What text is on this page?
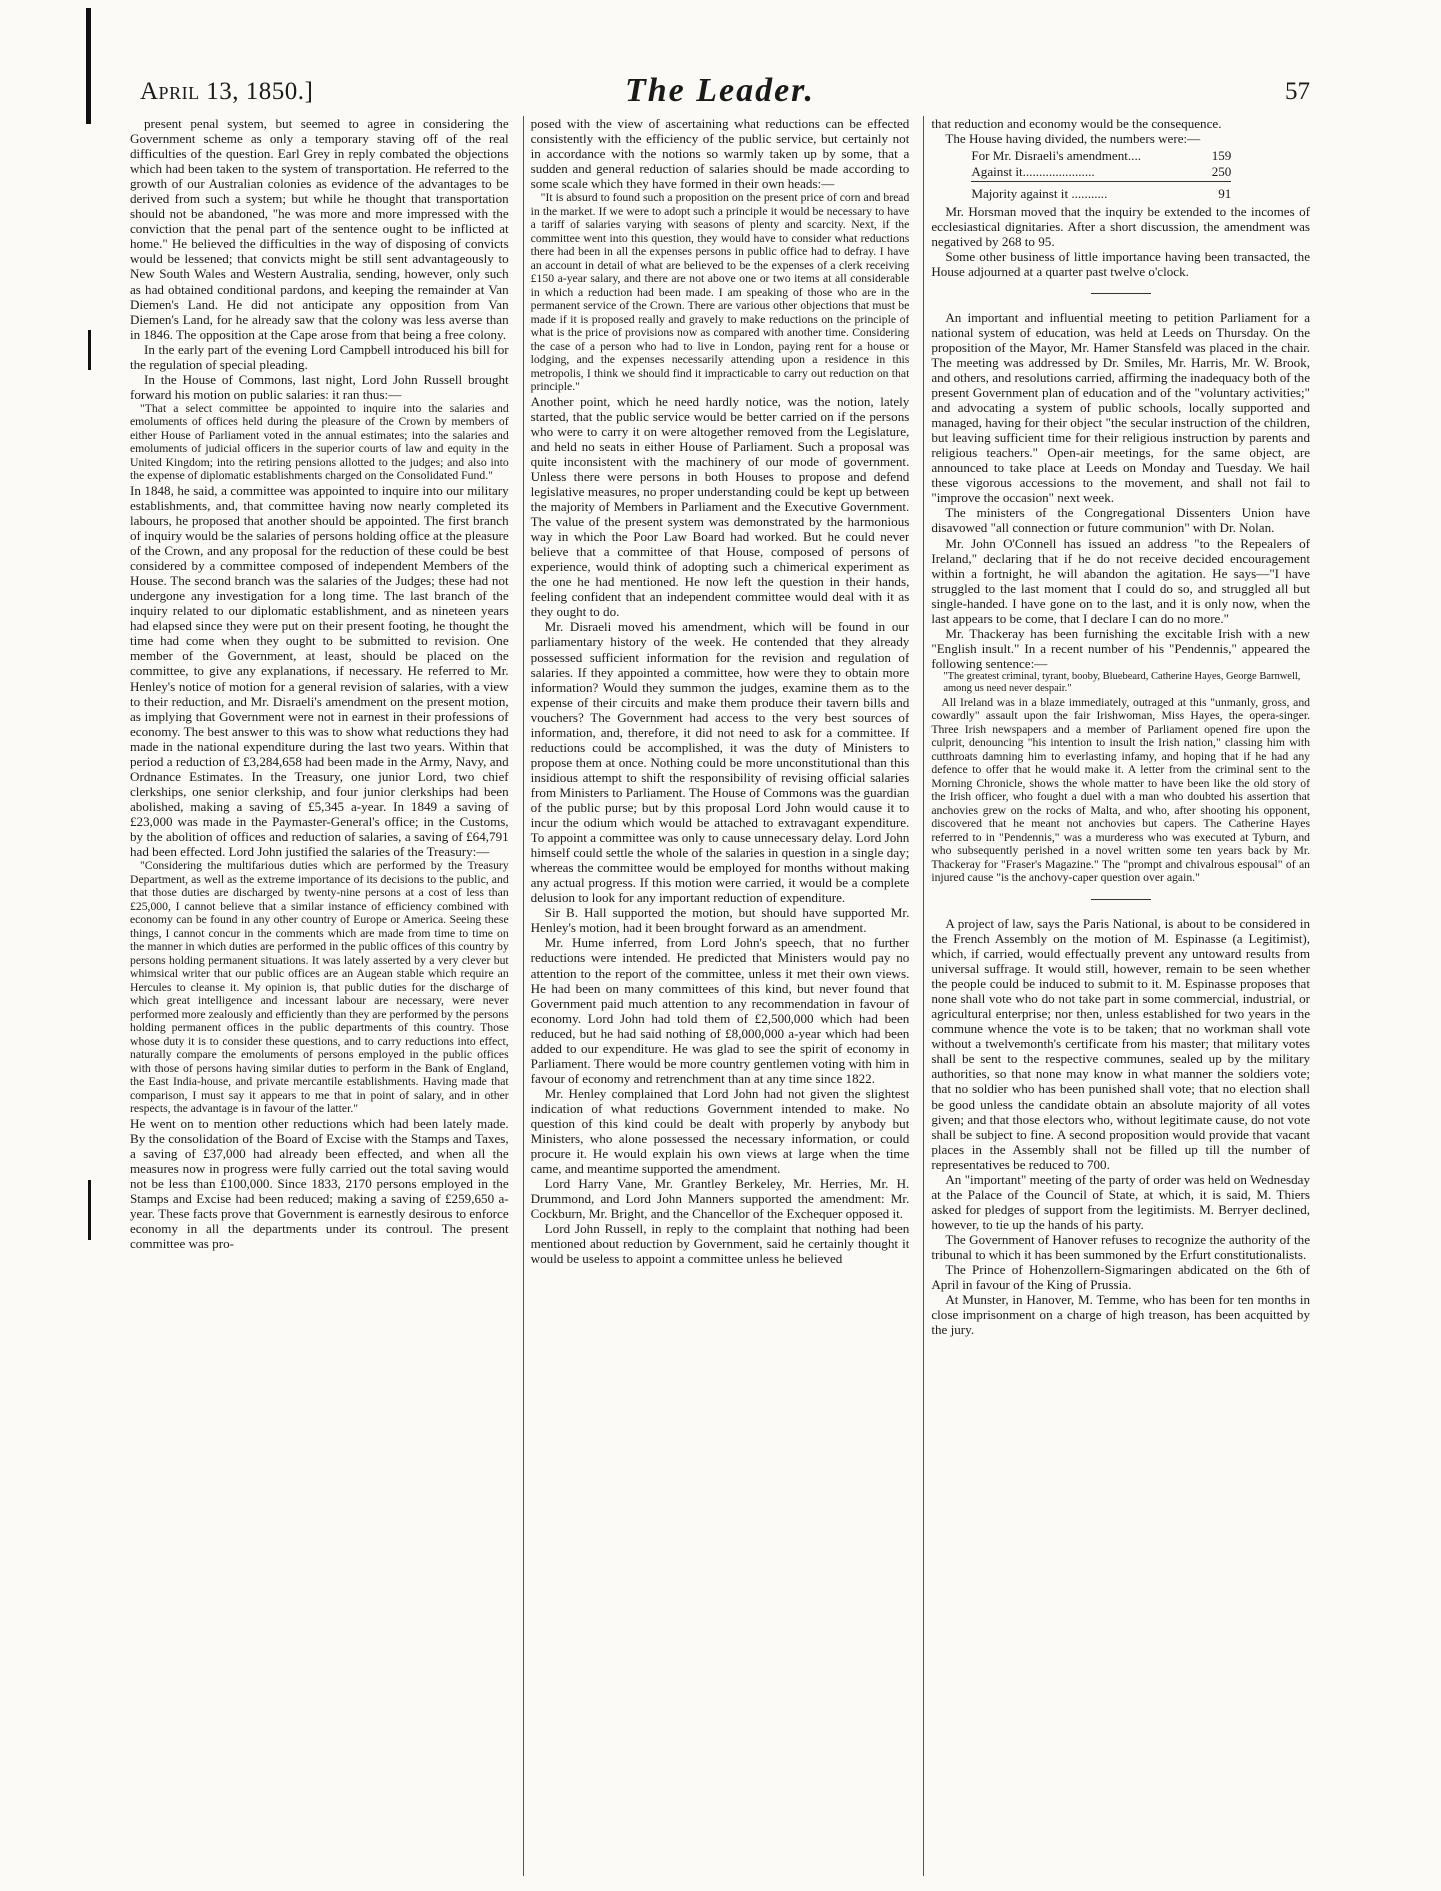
April 13, 1850.]	The Leader.	57

present penal system, but seemed to agree in considering the Government scheme as only a temporary staving off of the real difficulties of the question. Earl Grey in reply combated the objections which had been taken to the system of transportation. He referred to the growth of our Australian colonies as evidence of the advantages to be derived from such a system; but while he thought that transportation should not be abandoned, "he was more and more impressed with the conviction that the penal part of the sentence ought to be inflicted at home." He believed the difficulties in the way of disposing of convicts would be lessened; that convicts might be still sent advantageously to New South Wales and Western Australia, sending, however, only such as had obtained conditional pardons, and keeping the remainder at Van Diemen's Land. He did not anticipate any opposition from Van Diemen's Land, for he already saw that the colony was less averse than in 1846. The opposition at the Cape arose from that being a free colony.

In the early part of the evening Lord Campbell introduced his bill for the regulation of special pleading.

In the House of Commons, last night, Lord John Russell brought forward his motion on public salaries: it ran thus:—

"That a select committee be appointed to inquire into the salaries and emoluments of offices held during the pleasure of the Crown by members of either House of Parliament voted in the annual estimates; into the salaries and emoluments of judicial officers in the superior courts of law and equity in the United Kingdom; into the retiring pensions allotted to the judges; and also into the expense of diplomatic establishments charged on the Consolidated Fund."

In 1848, he said, a committee was appointed to inquire into our military establishments, and, that committee having now nearly completed its labours, he proposed that another should be appointed. The first branch of inquiry would be the salaries of persons holding office at the pleasure of the Crown, and any proposal for the reduction of these could be best considered by a committee composed of independent Members of the House. The second branch was the salaries of the Judges; these had not undergone any investigation for a long time. The last branch of the inquiry related to our diplomatic establishment, and as nineteen years had elapsed since they were put on their present footing, he thought the time had come when they ought to be submitted to revision. One member of the Government, at least, should be placed on the committee, to give any explanations, if necessary. He referred to Mr. Henley's notice of motion for a general revision of salaries, with a view to their reduction, and Mr. Disraeli's amendment on the present motion, as implying that Government were not in earnest in their professions of economy. The best answer to this was to show what reductions they had made in the national expenditure during the last two years. Within that period a reduction of £3,284,658 had been made in the Army, Navy, and Ordnance Estimates. In the Treasury, one junior Lord, two chief clerkships, one senior clerkship, and four junior clerkships had been abolished, making a saving of £5,345 a-year. In 1849 a saving of £23,000 was made in the Paymaster-General's office; in the Customs, by the abolition of offices and reduction of salaries, a saving of £64,791 had been effected. Lord John justified the salaries of the Treasury:—

"Considering the multifarious duties which are performed by the Treasury Department, as well as the extreme importance of its decisions to the public, and that those duties are discharged by twenty-nine persons at a cost of less than £25,000, I cannot believe that a similar instance of efficiency combined with economy can be found in any other country of Europe or America. Seeing these things, I cannot concur in the comments which are made from time to time on the manner in which duties are performed in the public offices of this country by persons holding permanent situations. It was lately asserted by a very clever but whimsical writer that our public offices are an Augean stable which require an Hercules to cleanse it. My opinion is, that public duties for the discharge of which great intelligence and incessant labour are necessary, were never performed more zealously and efficiently than they are performed by the persons holding permanent offices in the public departments of this country. Those whose duty it is to consider these questions, and to carry reductions into effect, naturally compare the emoluments of persons employed in the public offices with those of persons having similar duties to perform in the Bank of England, the East India-house, and private mercantile establishments. Having made that comparison, I must say it appears to me that in point of salary, and in other respects, the advantage is in favour of the latter."

He went on to mention other reductions which had been lately made. By the consolidation of the Board of Excise with the Stamps and Taxes, a saving of £37,000 had already been effected, and when all the measures now in progress were fully carried out the total saving would not be less than £100,000. Since 1833, 2170 persons employed in the Stamps and Excise had been reduced; making a saving of £259,650 a-year. These facts prove that Government is earnestly desirous to enforce economy in all the departments under its controul. The present committee was pro-

posed with the view of ascertaining what reductions can be effected consistently with the efficiency of the public service, but certainly not in accordance with the notions so warmly taken up by some, that a sudden and general reduction of salaries should be made according to some scale which they have formed in their own heads:—

"It is absurd to found such a proposition on the present price of corn and bread in the market. If we were to adopt such a principle it would be necessary to have a tariff of salaries varying with seasons of plenty and scarcity. Next, if the committee went into this question, they would have to consider what reductions there had been in all the expenses persons in public office had to defray. I have an account in detail of what are believed to be the expenses of a clerk receiving £150 a-year salary, and there are not above one or two items at all considerable in which a reduction had been made. I am speaking of those who are in the permanent service of the Crown. There are various other objections that must be made if it is proposed really and gravely to make reductions on the principle of what is the price of provisions now as compared with another time. Considering the case of a person who had to live in London, paying rent for a house or lodging, and the expenses necessarily attending upon a residence in this metropolis, I think we should find it impracticable to carry out reduction on that principle."

Another point, which he need hardly notice, was the notion, lately started, that the public service would be better carried on if the persons who were to carry it on were altogether removed from the Legislature, and held no seats in either House of Parliament. Such a proposal was quite inconsistent with the machinery of our mode of government. Unless there were persons in both Houses to propose and defend legislative measures, no proper understanding could be kept up between the majority of Members in Parliament and the Executive Government. The value of the present system was demonstrated by the harmonious way in which the Poor Law Board had worked. But he could never believe that a committee of that House, composed of persons of experience, would think of adopting such a chimerical experiment as the one he had mentioned. He now left the question in their hands, feeling confident that an independent committee would deal with it as they ought to do.

Mr. Disraeli moved his amendment, which will be found in our parliamentary history of the week. He contended that they already possessed sufficient information for the revision and regulation of salaries. If they appointed a committee, how were they to obtain more information? Would they summon the judges, examine them as to the expense of their circuits and make them produce their tavern bills and vouchers? The Government had access to the very best sources of information, and, therefore, it did not need to ask for a committee. If reductions could be accomplished, it was the duty of Ministers to propose them at once. Nothing could be more unconstitutional than this insidious attempt to shift the responsibility of revising official salaries from Ministers to Parliament. The House of Commons was the guardian of the public purse; but by this proposal Lord John would cause it to incur the odium which would be attached to extravagant expenditure. To appoint a committee was only to cause unnecessary delay. Lord John himself could settle the whole of the salaries in question in a single day; whereas the committee would be employed for months without making any actual progress. If this motion were carried, it would be a complete delusion to look for any important reduction of expenditure.

Sir B. Hall supported the motion, but should have supported Mr. Henley's motion, had it been brought forward as an amendment.

Mr. Hume inferred, from Lord John's speech, that no further reductions were intended. He predicted that Ministers would pay no attention to the report of the committee, unless it met their own views. He had been on many committees of this kind, but never found that Government paid much attention to any recommendation in favour of economy. Lord John had told them of £2,500,000 which had been reduced, but he had said nothing of £8,000,000 a-year which had been added to our expenditure. He was glad to see the spirit of economy in Parliament. There would be more country gentlemen voting with him in favour of economy and retrenchment than at any time since 1822.

Mr. Henley complained that Lord John had not given the slightest indication of what reductions Government intended to make. No question of this kind could be dealt with properly by anybody but Ministers, who alone possessed the necessary information, or could procure it. He would explain his own views at large when the time came, and meantime supported the amendment.

Lord Harry Vane, Mr. Grantley Berkeley, Mr. Herries, Mr. H. Drummond, and Lord John Manners supported the amendment: Mr. Cockburn, Mr. Bright, and the Chancellor of the Exchequer opposed it.

Lord John Russell, in reply to the complaint that nothing had been mentioned about reduction by Government, said he certainly thought it would be useless to appoint a committee unless he believed

that reduction and economy would be the consequence.

The House having divided, the numbers were:—

For Mr. Disraeli's amendment....	159
Against it......................	250
Majority against it ...........	91

Mr. Horsman moved that the inquiry be extended to the incomes of ecclesiastical dignitaries. After a short discussion, the amendment was negatived by 268 to 95.

Some other business of little importance having been transacted, the House adjourned at a quarter past twelve o'clock.

An important and influential meeting to petition Parliament for a national system of education, was held at Leeds on Thursday. On the proposition of the Mayor, Mr. Hamer Stansfeld was placed in the chair. The meeting was addressed by Dr. Smiles, Mr. Harris, Mr. W. Brook, and others, and resolutions carried, affirming the inadequacy both of the present Government plan of education and of the "voluntary activities;" and advocating a system of public schools, locally supported and managed, having for their object "the secular instruction of the children, but leaving sufficient time for their religious instruction by parents and religious teachers." Open-air meetings, for the same object, are announced to take place at Leeds on Monday and Tuesday. We hail these vigorous accessions to the movement, and shall not fail to "improve the occasion" next week.

The ministers of the Congregational Dissenters Union have disavowed "all connection or future communion" with Dr. Nolan.

Mr. John O'Connell has issued an address "to the Repealers of Ireland," declaring that if he do not receive decided encouragement within a fortnight, he will abandon the agitation. He says—"I have struggled to the last moment that I could do so, and struggled all but single-handed. I have gone on to the last, and it is only now, when the last appears to be come, that I declare I can do no more."

Mr. Thackeray has been furnishing the excitable Irish with a new "English insult." In a recent number of his "Pendennis," appeared the following sentence:—

"The greatest criminal, tyrant, booby, Bluebeard, Catherine Hayes, George Barnwell, among us need never despair."

All Ireland was in a blaze immediately, outraged at this "unmanly, gross, and cowardly" assault upon the fair Irishwoman, Miss Hayes, the opera-singer. Three Irish newspapers and a member of Parliament opened fire upon the culprit, denouncing "his intention to insult the Irish nation," classing him with cutthroats damning him to everlasting infamy, and hoping that if he had any defence to offer that he would make it. A letter from the criminal sent to the Morning Chronicle, shows the whole matter to have been like the old story of the Irish officer, who fought a duel with a man who doubted his assertion that anchovies grew on the rocks of Malta, and who, after shooting his opponent, discovered that he meant not anchovies but capers. The Catherine Hayes referred to in "Pendennis," was a murderess who was executed at Tyburn, and who subsequently perished in a novel written some ten years back by Mr. Thackeray for "Fraser's Magazine." The "prompt and chivalrous espousal" of an injured cause "is the anchovy-caper question over again."

A project of law, says the Paris National, is about to be considered in the French Assembly on the motion of M. Espinasse (a Legitimist), which, if carried, would effectually prevent any untoward results from universal suffrage. It would still, however, remain to be seen whether the people could be induced to submit to it. M. Espinasse proposes that none shall vote who do not take part in some commercial, industrial, or agricultural enterprise; nor then, unless established for two years in the commune whence the vote is to be taken; that no workman shall vote without a twelvemonth's certificate from his master; that military votes shall be sent to the respective communes, sealed up by the military authorities, so that none may know in what manner the soldiers vote; that no soldier who has been punished shall vote; that no election shall be good unless the candidate obtain an absolute majority of all votes given; and that those electors who, without legitimate cause, do not vote shall be subject to fine. A second proposition would provide that vacant places in the Assembly shall not be filled up till the number of representatives be reduced to 700.

An "important" meeting of the party of order was held on Wednesday at the Palace of the Council of State, at which, it is said, M. Thiers asked for pledges of support from the legitimists. M. Berryer declined, however, to tie up the hands of his party.

The Government of Hanover refuses to recognize the authority of the tribunal to which it has been summoned by the Erfurt constitutionalists.

The Prince of Hohenzollern-Sigmaringen abdicated on the 6th of April in favour of the King of Prussia.

At Munster, in Hanover, M. Temme, who has been for ten months in close imprisonment on a charge of high treason, has been acquitted by the jury.
